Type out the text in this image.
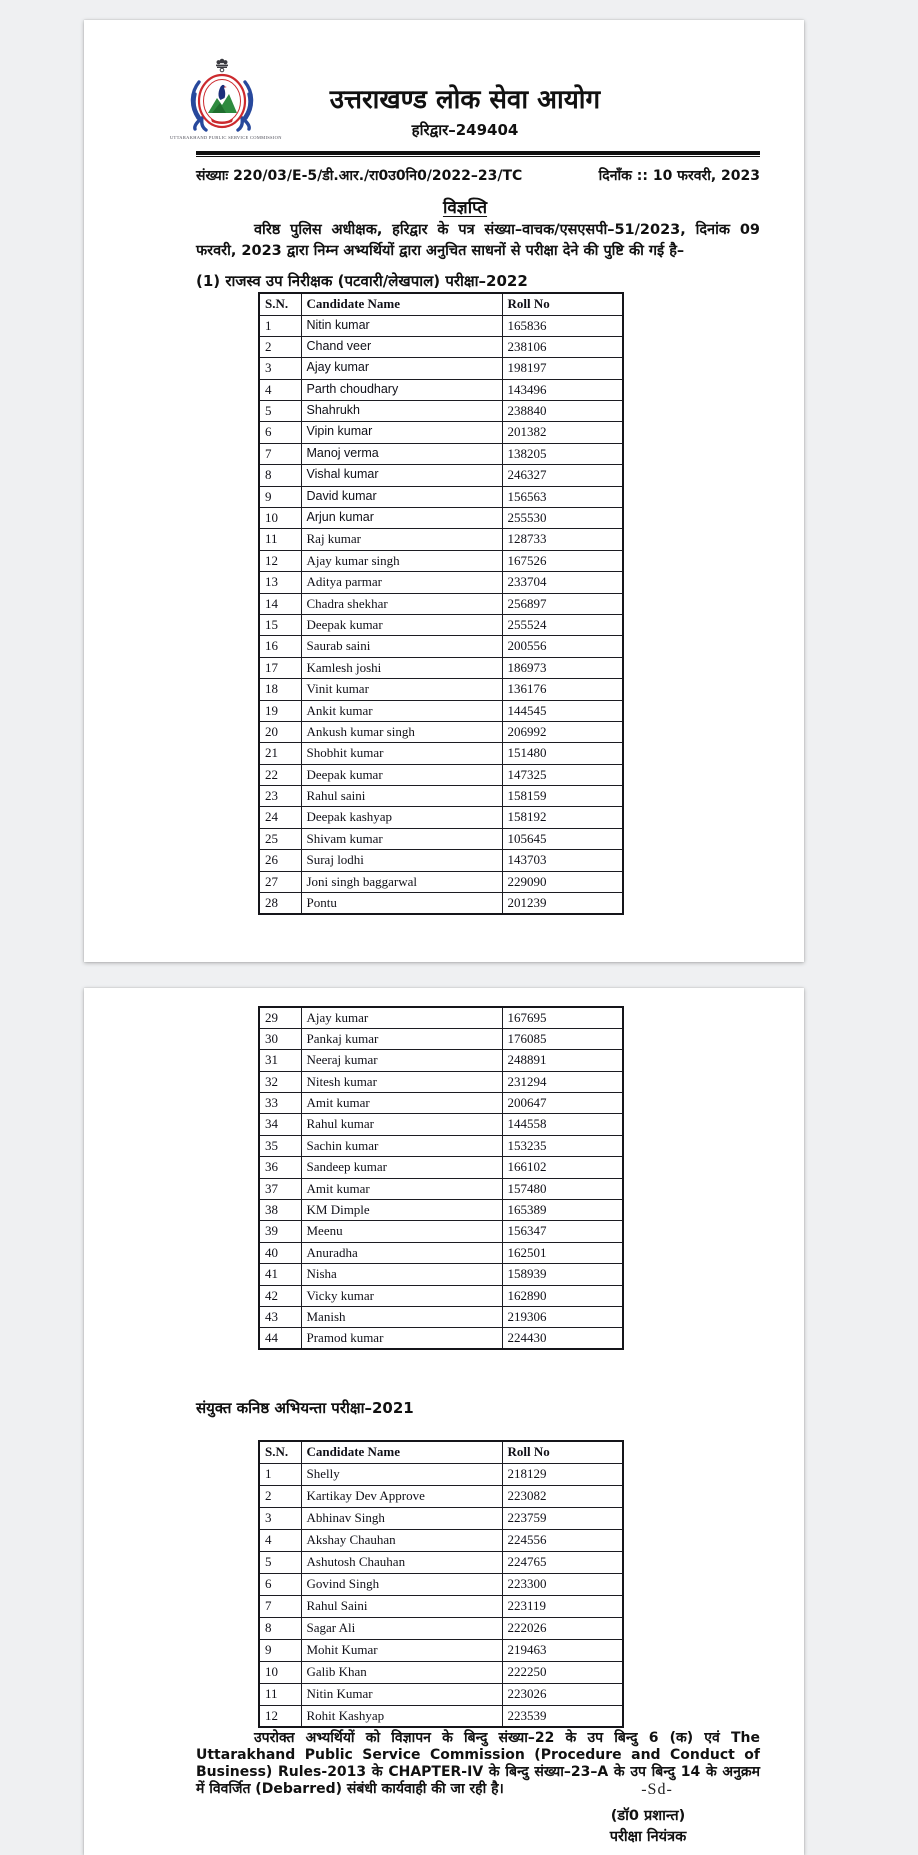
UTTARAKHAND PUBLIC SERVICE COMMISSION
उत्तराखण्ड लोक सेवा आयोग
हरिद्वार–249404
संख्याः 220/03/E-5/डी.आर./रा0उ0नि0/2022–23/TC	दिनाँक :: 10 फरवरी, 2023
विज्ञप्ति

वरिष्ठ पुलिस अधीक्षक, हरिद्वार के पत्र संख्या–वाचक/एसएसपी–51/2023, दिनांक 09 फरवरी, 2023 द्वारा निम्न अभ्यर्थियों द्वारा अनुचित साधनों से परीक्षा देने की पुष्टि की गई है–

(1) राजस्व उप निरीक्षक (पटवारी/लेखपाल) परीक्षा–2022
S.N.	Candidate Name	Roll No
1	Nitin kumar	165836
2	Chand veer	238106
3	Ajay kumar	198197
4	Parth choudhary	143496
5	Shahrukh	238840
6	Vipin kumar	201382
7	Manoj verma	138205
8	Vishal kumar	246327
9	David kumar	156563
10	Arjun kumar	255530
11	Raj kumar	128733
12	Ajay kumar singh	167526
13	Aditya parmar	233704
14	Chadra shekhar	256897
15	Deepak kumar	255524
16	Saurab saini	200556
17	Kamlesh joshi	186973
18	Vinit kumar	136176
19	Ankit kumar	144545
20	Ankush kumar singh	206992
21	Shobhit kumar	151480
22	Deepak kumar	147325
23	Rahul saini	158159
24	Deepak kashyap	158192
25	Shivam kumar	105645
26	Suraj lodhi	143703
27	Joni singh baggarwal	229090
28	Pontu	201239
29	Ajay kumar	167695
30	Pankaj kumar	176085
31	Neeraj kumar	248891
32	Nitesh kumar	231294
33	Amit kumar	200647
34	Rahul kumar	144558
35	Sachin kumar	153235
36	Sandeep kumar	166102
37	Amit kumar	157480
38	KM Dimple	165389
39	Meenu	156347
40	Anuradha	162501
41	Nisha	158939
42	Vicky kumar	162890
43	Manish	219306
44	Pramod kumar	224430
संयुक्त कनिष्ठ अभियन्ता परीक्षा–2021
S.N.	Candidate Name	Roll No
1	Shelly	218129
2	Kartikay Dev Approve	223082
3	Abhinav Singh	223759
4	Akshay Chauhan	224556
5	Ashutosh Chauhan	224765
6	Govind Singh	223300
7	Rahul Saini	223119
8	Sagar Ali	222026
9	Mohit Kumar	219463
10	Galib Khan	222250
11	Nitin Kumar	223026
12	Rohit Kashyap	223539

उपरोक्त अभ्यर्थियों को विज्ञापन के बिन्दु संख्या–22 के उप बिन्दु 6 (क) एवं The Uttarakhand Public Service Commission (Procedure and Conduct of Business) Rules-2013 के CHAPTER-IV के बिन्दु संख्या–23–A के उप बिन्दु 14 के अनुक्रम में विवर्जित (Debarred) संबंधी कार्यवाही की जा रही है।	-Sd-
(डॉ0 प्रशान्त)
परीक्षा नियंत्रक
